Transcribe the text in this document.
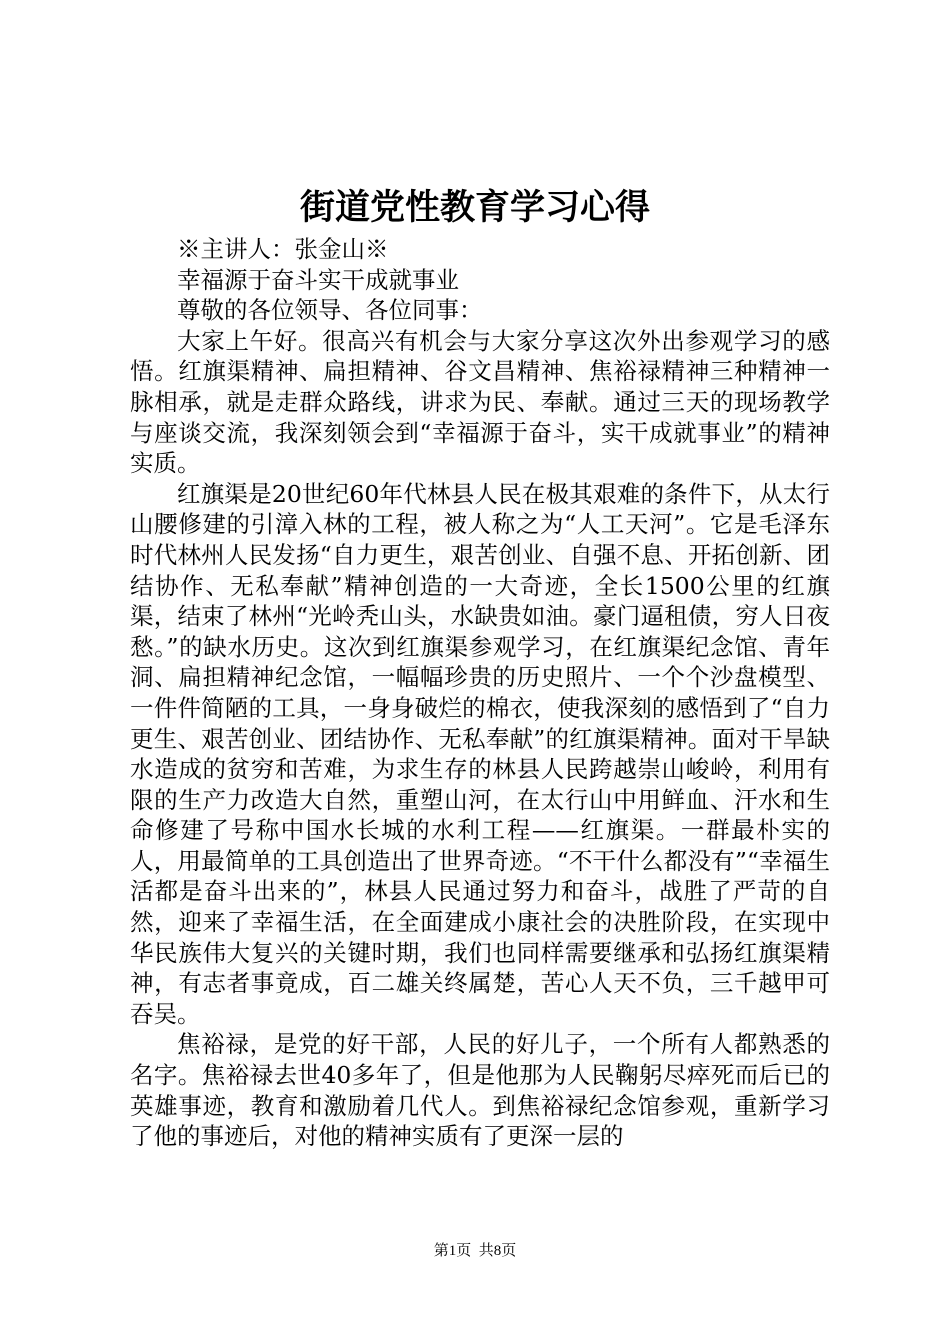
街道党性教育学习心得

※主讲人：张金山※

幸福源于奋斗实干成就事业

尊敬的各位领导、各位同事：

大家上午好。很高兴有机会与大家分享这次外出参观学习的感悟。红旗渠精神、扁担精神、谷文昌精神、焦裕禄精神三种精神一脉相承，就是走群众路线，讲求为民、奉献。通过三天的现场教学与座谈交流，我深刻领会到“幸福源于奋斗，实干成就事业”的精神实质。

红旗渠是20世纪60年代林县人民在极其艰难的条件下，从太行山腰修建的引漳入林的工程，被人称之为“人工天河”。它是毛泽东时代林州人民发扬“自力更生，艰苦创业、自强不息、开拓创新、团结协作、无私奉献”精神创造的一大奇迹，全长1500公里的红旗渠，结束了林州“光岭秃山头，水缺贵如油。豪门逼租债，穷人日夜愁。”的缺水历史。这次到红旗渠参观学习，在红旗渠纪念馆、青年洞、扁担精神纪念馆，一幅幅珍贵的历史照片、一个个沙盘模型、一件件简陋的工具，一身身破烂的棉衣，使我深刻的感悟到了“自力更生、艰苦创业、团结协作、无私奉献”的红旗渠精神。面对干旱缺水造成的贫穷和苦难，为求生存的林县人民跨越崇山峻岭，利用有限的生产力改造大自然，重塑山河，在太行山中用鲜血、汗水和生命修建了号称中国水长城的水利工程——红旗渠。一群最朴实的人，用最简单的工具创造出了世界奇迹。“不干什么都没有”“幸福生活都是奋斗出来的”，林县人民通过努力和奋斗，战胜了严苛的自然，迎来了幸福生活，在全面建成小康社会的决胜阶段，在实现中华民族伟大复兴的关键时期，我们也同样需要继承和弘扬红旗渠精神，有志者事竟成，百二雄关终属楚，苦心人天不负，三千越甲可吞吴。

焦裕禄，是党的好干部，人民的好儿子，一个所有人都熟悉的名字。焦裕禄去世40多年了，但是他那为人民鞠躬尽瘁死而后已的英雄事迹，教育和激励着几代人。到焦裕禄纪念馆参观，重新学习了他的事迹后，对他的精神实质有了更深一层的

第1页 共8页
